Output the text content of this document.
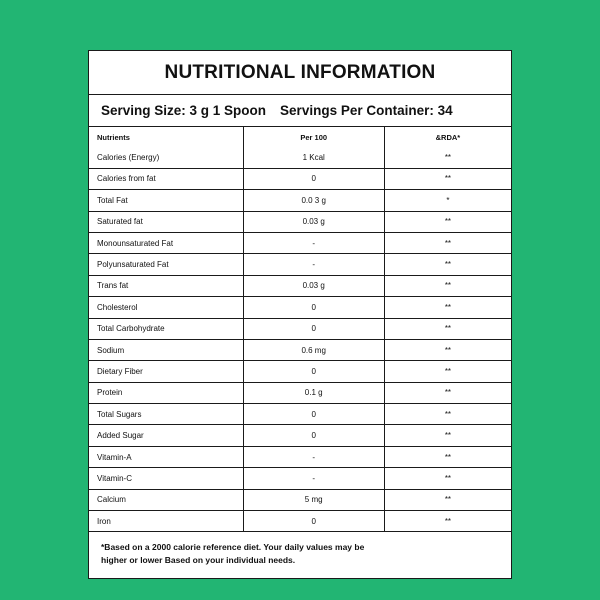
NUTRITIONAL INFORMATION
Serving Size: 3 g 1 Spoon Servings Per Container: 34
Nutrients	Per 100	&RDA*
Calories (Energy)	1 Kcal	**
Calories from fat	0	**
Total Fat	0.0 3 g	*
Saturated fat	0.03 g	**
Monounsaturated Fat	-	**
Polyunsaturated Fat	-	**
Trans fat	0.03 g	**
Cholesterol	0	**
Total Carbohydrate	0	**
Sodium	0.6 mg	**
Dietary Fiber	0	**
Protein	0.1 g	**
Total Sugars	0	**
Added Sugar	0	**
Vitamin-A	-	**
Vitamin-C	-	**
Calcium	5 mg	**
Iron	0	**
*Based on a 2000 calorie reference diet. Your daily values may be
higher or lower Based on your individual needs.
